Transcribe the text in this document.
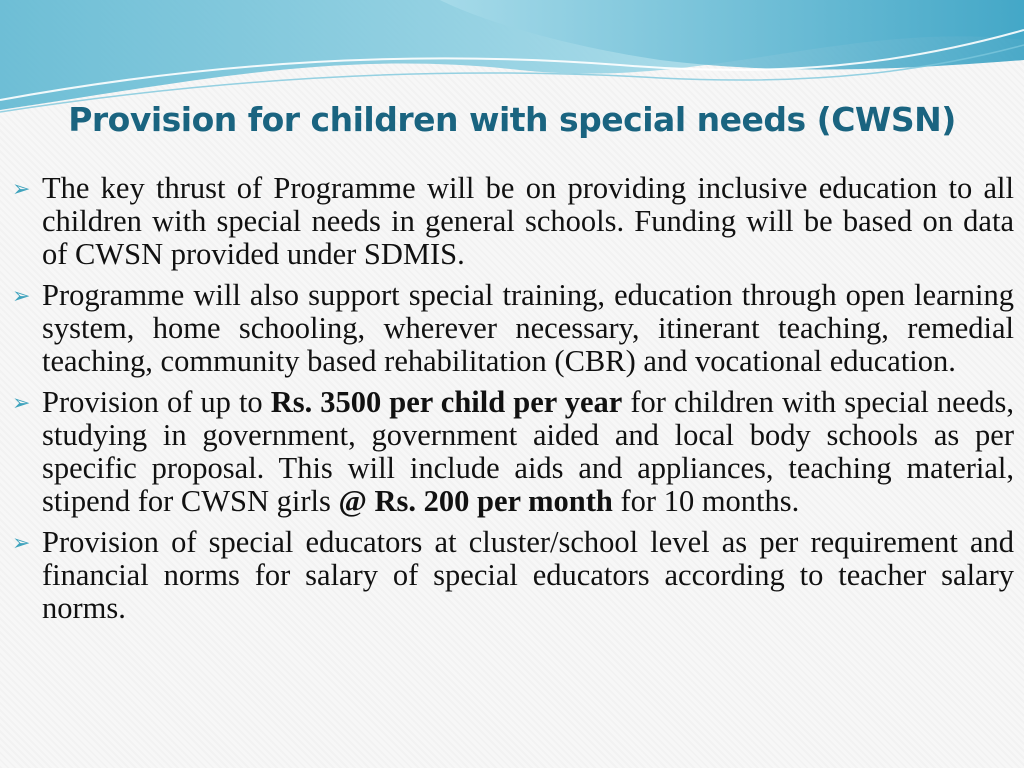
Provision for children with special needs (CWSN)
➢ The key thrust of Programme will be on providing inclusive education to all children with special needs in general schools. Funding will be based on data of CWSN provided under SDMIS.

➢ Programme will also support special training, education through open learning system, home schooling, wherever necessary, itinerant teaching, remedial teaching, community based rehabilitation (CBR) and vocational education.

➢ Provision of up to Rs. 3500 per child per year for children with special needs, studying in government, government aided and local body schools as per specific proposal. This will include aids and appliances, teaching material, stipend for CWSN girls @ Rs. 200 per month for 10 months.

➢ Provision of special educators at cluster/school level as per requirement and financial norms for salary of special educators according to teacher salary norms.
